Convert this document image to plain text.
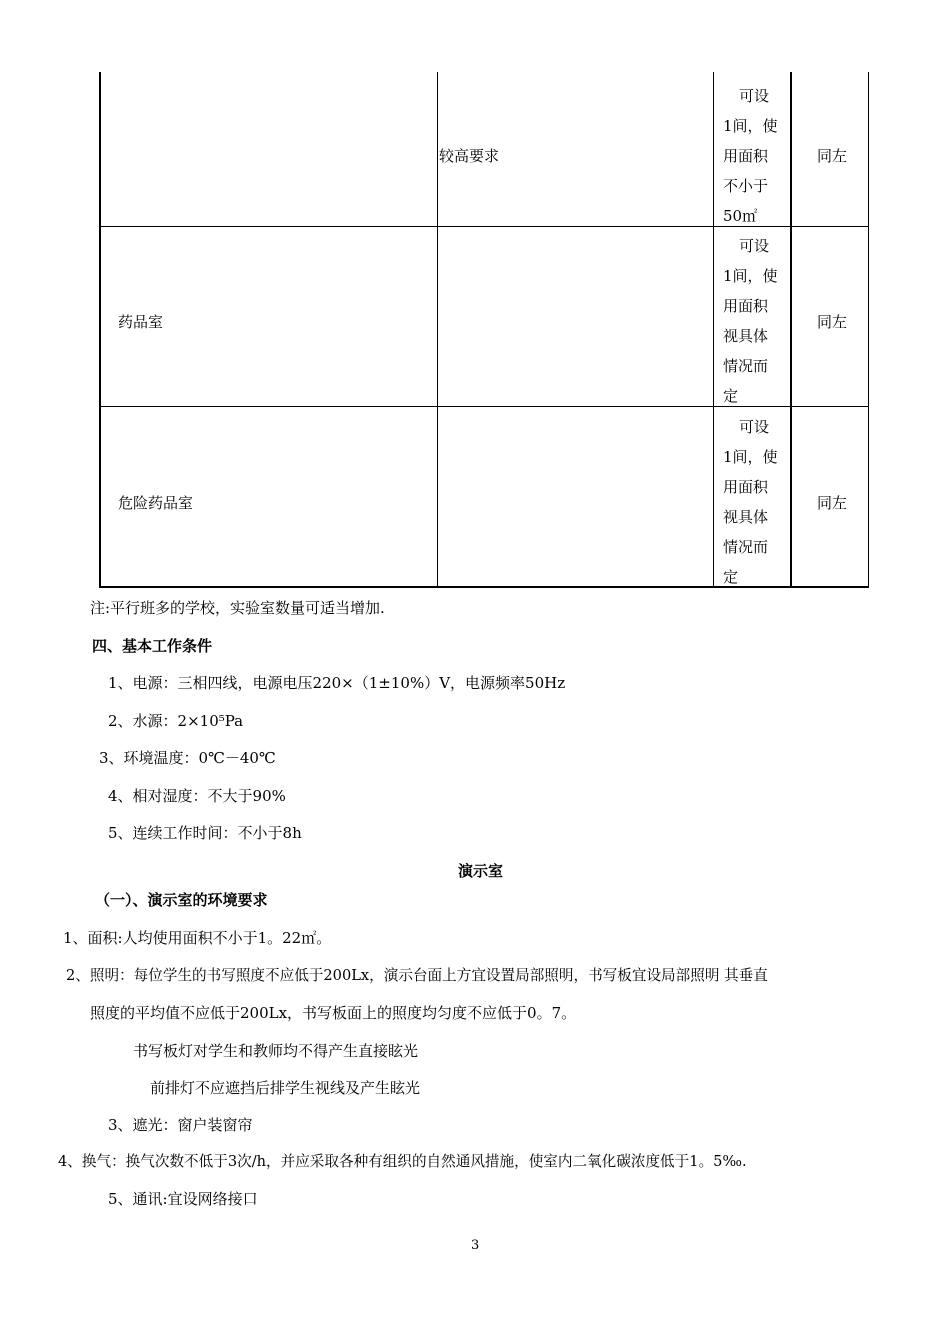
较高要求
可设
1间，使
用面积
不小于
50㎡
同左
药品室
可设
1间，使
用面积
视具体
情况而
定
同左
危险药品室
可设
1间，使
用面积
视具体
情况而
定
同左
注:平行班多的学校，实验室数量可适当增加.
四、基本工作条件
1、电源：三相四线，电源电压220×（1±10%）V，电源频率50Hz
2、水源：2×10⁵Pa
3、环境温度：0℃－40℃
4、相对湿度：不大于90%
5、连续工作时间：不小于8h
演示室
（一）、演示室的环境要求
1、面积:人均使用面积不小于1。22㎡。
2、照明：每位学生的书写照度不应低于200Lx，演示台面上方宜设置局部照明，书写板宜设局部照明 其垂直
照度的平均值不应低于200Lx，书写板面上的照度均匀度不应低于0。7。
书写板灯对学生和教师均不得产生直接眩光
前排灯不应遮挡后排学生视线及产生眩光
3、遮光：窗户装窗帘
4、换气：换气次数不低于3次/h，并应采取各种有组织的自然通风措施，使室内二氧化碳浓度低于1。5‰.
5、通讯:宜设网络接口
3
